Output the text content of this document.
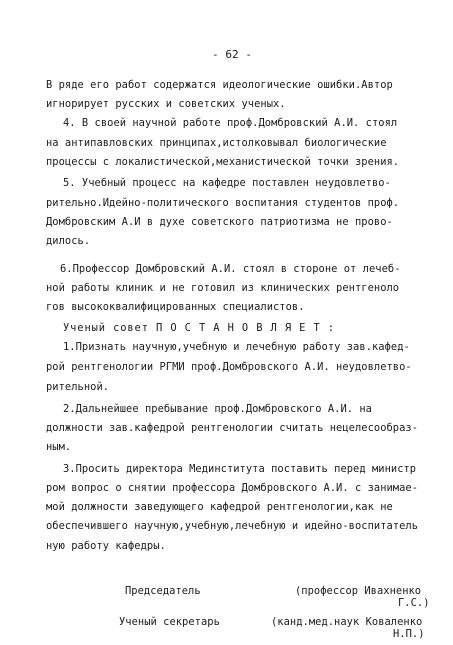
- 62 -
В ряде его работ содержатся идеологические ошибки.Автор
игнорирует русских и советских ученых.
4. В своей научной работе проф.Домбровский А.И. стоял
на антипавловских принципах,истолковывал биологические
процессы с локалистической,механистической точки зрения.
5. Учебный процесс на кафедре поставлен неудовлетво-
рительно.Идейно-политического воспитания студентов проф.
Домбровским А.И в духе советского патриотизма не прово-
дилось.
6.Профессор Домбровский А.И. стоял в стороне от лечеб-
ной работы клиник и не готовил из клинических рентгеноло
гов высококвалифицированных специалистов.
Ученый совет П О С Т А Н О В Л Я Е Т :
1.Признать научную,учебную и лечебную работу зав.кафед-
рой рентгенологии РГМИ проф.Домбровского А.И. неудовлетво-
рительной.
2.Дальнейшее пребывание проф.Домбровского А.И. на
должности зав.кафедрой рентгенологии считать нецелесообраз-
ным.
3.Просить директора Мединститута поставить перед министр
ром вопрос о снятии профессора Домбровского А.И. с занимае-
мой должности заведующего кафедрой рентгенологии,как не
обеспечившего научную,учебную,лечебную и идейно-воспитатель
ную работу кафедры.
Председатель	(профессор Ивахненко
Г.С.)
Ученый секретарь	(канд.мед.наук Коваленко
Н.П.)
